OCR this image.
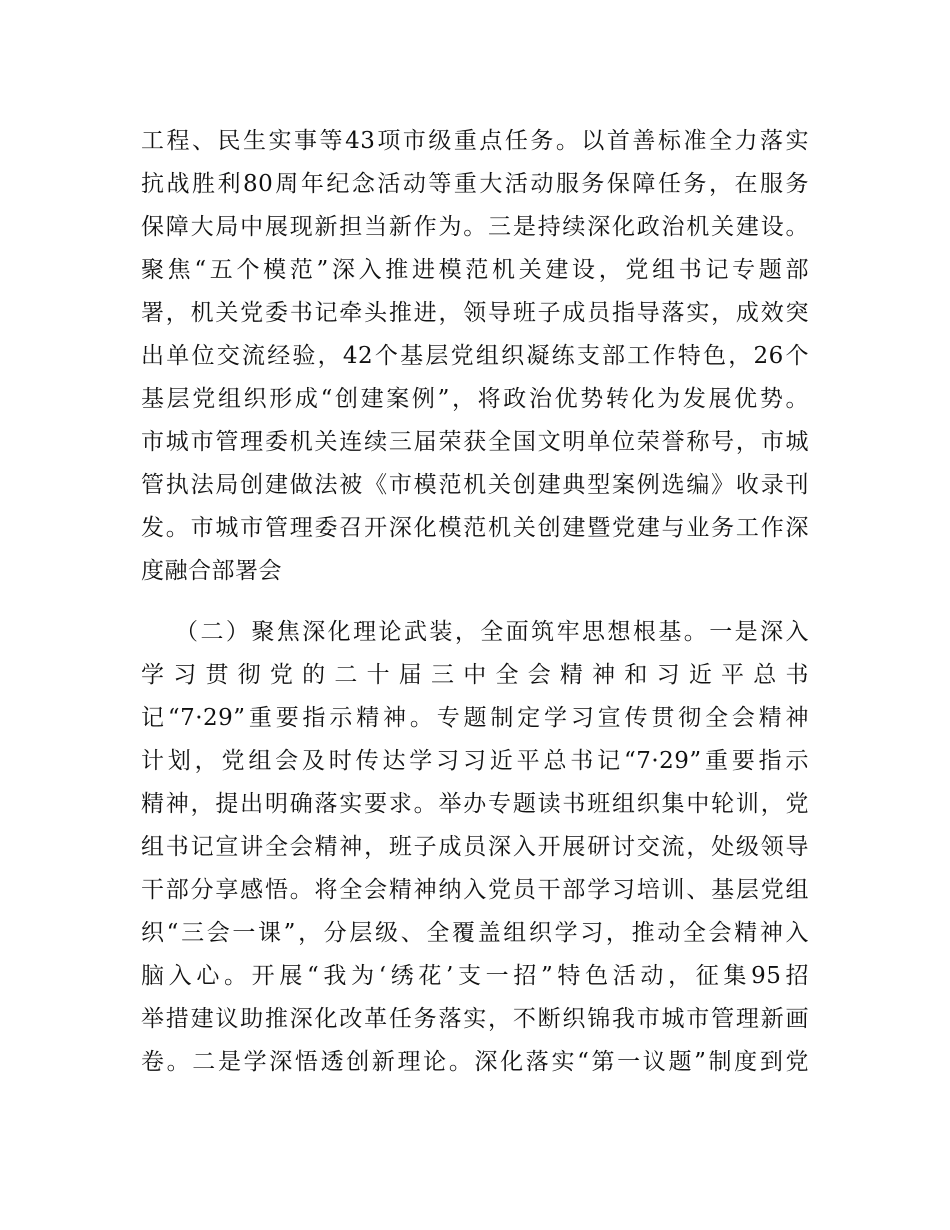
工程、民生实事等43项市级重点任务。以首善标准全力落实
抗战胜利80周年纪念活动等重大活动服务保障任务，在服务
保障大局中展现新担当新作为。三是持续深化政治机关建设。
聚焦“五个模范”深入推进模范机关建设，党组书记专题部
署，机关党委书记牵头推进，领导班子成员指导落实，成效突
出单位交流经验，42个基层党组织凝练支部工作特色，26个
基层党组织形成“创建案例”，将政治优势转化为发展优势。
市城市管理委机关连续三届荣获全国文明单位荣誉称号，市城
管执法局创建做法被《市模范机关创建典型案例选编》收录刊
发。市城市管理委召开深化模范机关创建暨党建与业务工作深
度融合部署会
（二）聚焦深化理论武装，全面筑牢思想根基。一是深入
学习贯彻党的二十届三中全会精神和习近平总书
记“7·29”重要指示精神。专题制定学习宣传贯彻全会精神
计划，党组会及时传达学习习近平总书记“7·29”重要指示
精神，提出明确落实要求。举办专题读书班组织集中轮训，党
组书记宣讲全会精神，班子成员深入开展研讨交流，处级领导
干部分享感悟。将全会精神纳入党员干部学习培训、基层党组
织“三会一课”，分层级、全覆盖组织学习，推动全会精神入
脑入心。开展“我为‘绣花’支一招”特色活动，征集95招
举措建议助推深化改革任务落实，不断织锦我市城市管理新画
卷。二是学深悟透创新理论。深化落实“第一议题”制度到党
